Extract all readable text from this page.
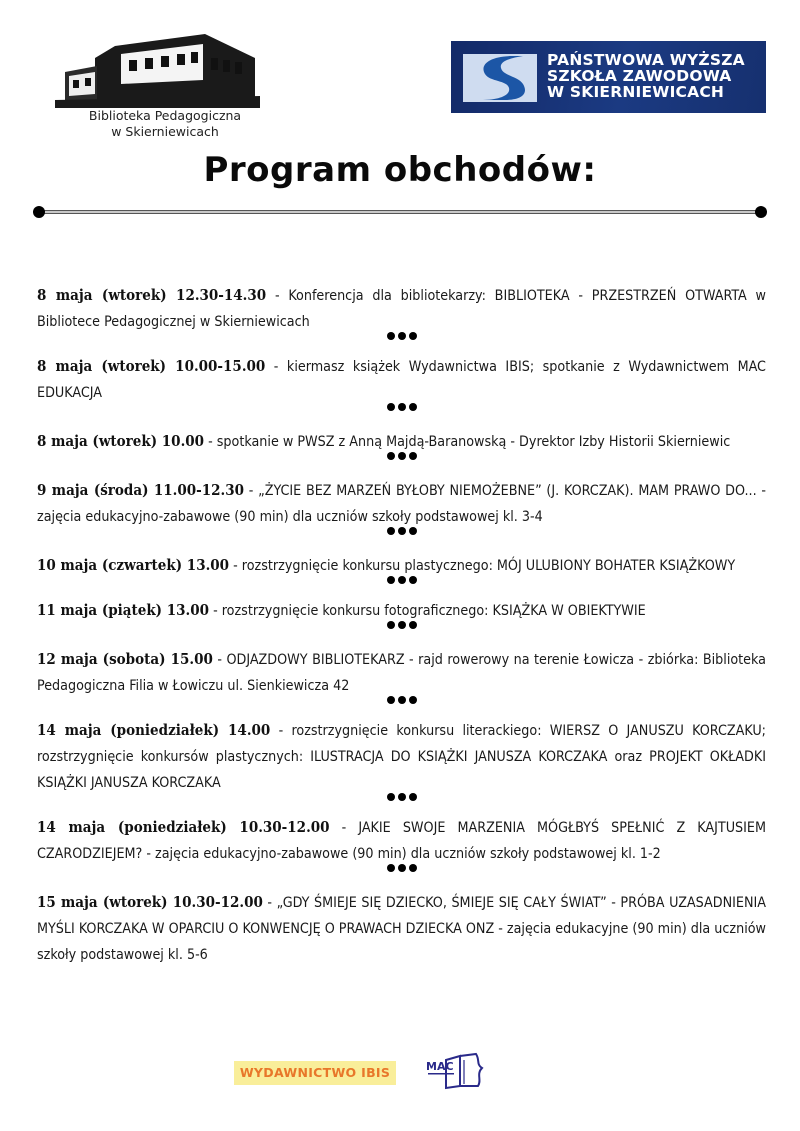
Biblioteka Pedagogiczna
w Skierniewicach
PAŃSTWOWA WYŻSZA
SZKOŁA ZAWODOWA
W SKIERNIEWICACH
Program obchodów:
8 maja (wtorek) 12.30-14.30 - Konferencja dla bibliotekarzy: BIBLIOTEKA - PRZESTRZEŃ OTWARTA w Bibliotece Pedagogicznej w Skierniewicach
8 maja (wtorek) 10.00-15.00 - kiermasz książek Wydawnictwa IBIS; spotkanie z Wydawnictwem MAC EDUKACJA
8 maja (wtorek) 10.00 - spotkanie w PWSZ z Anną Majdą-Baranowską - Dyrektor Izby Historii Skierniewic
9 maja (środa) 11.00-12.30 - „ŻYCIE BEZ MARZEŃ BYŁOBY NIEMOŻEBNE” (J. KORCZAK). MAM PRAWO DO... - zajęcia edukacyjno-zabawowe (90 min) dla uczniów szkoły podstawowej kl. 3-4
10 maja (czwartek) 13.00 - rozstrzygnięcie konkursu plastycznego: MÓJ ULUBIONY BOHATER KSIĄŻKOWY
11 maja (piątek) 13.00 - rozstrzygnięcie konkursu fotograficznego: KSIĄŻKA W OBIEKTYWIE
12 maja (sobota) 15.00 - ODJAZDOWY BIBLIOTEKARZ - rajd rowerowy na terenie Łowicza - zbiórka: Biblioteka Pedagogiczna Filia w Łowiczu ul. Sienkiewicza 42
14 maja (poniedziałek) 14.00 - rozstrzygnięcie konkursu literackiego: WIERSZ O JANUSZU KORCZAKU; rozstrzygnięcie konkursów plastycznych: ILUSTRACJA DO KSIĄŻKI JANUSZA KORCZAKA oraz PROJEKT OKŁADKI KSIĄŻKI JANUSZA KORCZAKA
14 maja (poniedziałek) 10.30-12.00 - JAKIE SWOJE MARZENIA MÓGŁBYŚ SPEŁNIĆ Z KAJTUSIEM CZARODZIEJEM? - zajęcia edukacyjno-zabawowe (90 min) dla uczniów szkoły podstawowej kl. 1-2
15 maja (wtorek) 10.30-12.00 - „GDY ŚMIEJE SIĘ DZIECKO, ŚMIEJE SIĘ CAŁY ŚWIAT” - PRÓBA UZASADNIENIA MYŚLI KORCZAKA W OPARCIU O KONWENCJĘ O PRAWACH DZIECKA ONZ - zajęcia edukacyjne (90 min) dla uczniów szkoły podstawowej kl. 5-6
WYDAWNICTWO IBIS	MAC
